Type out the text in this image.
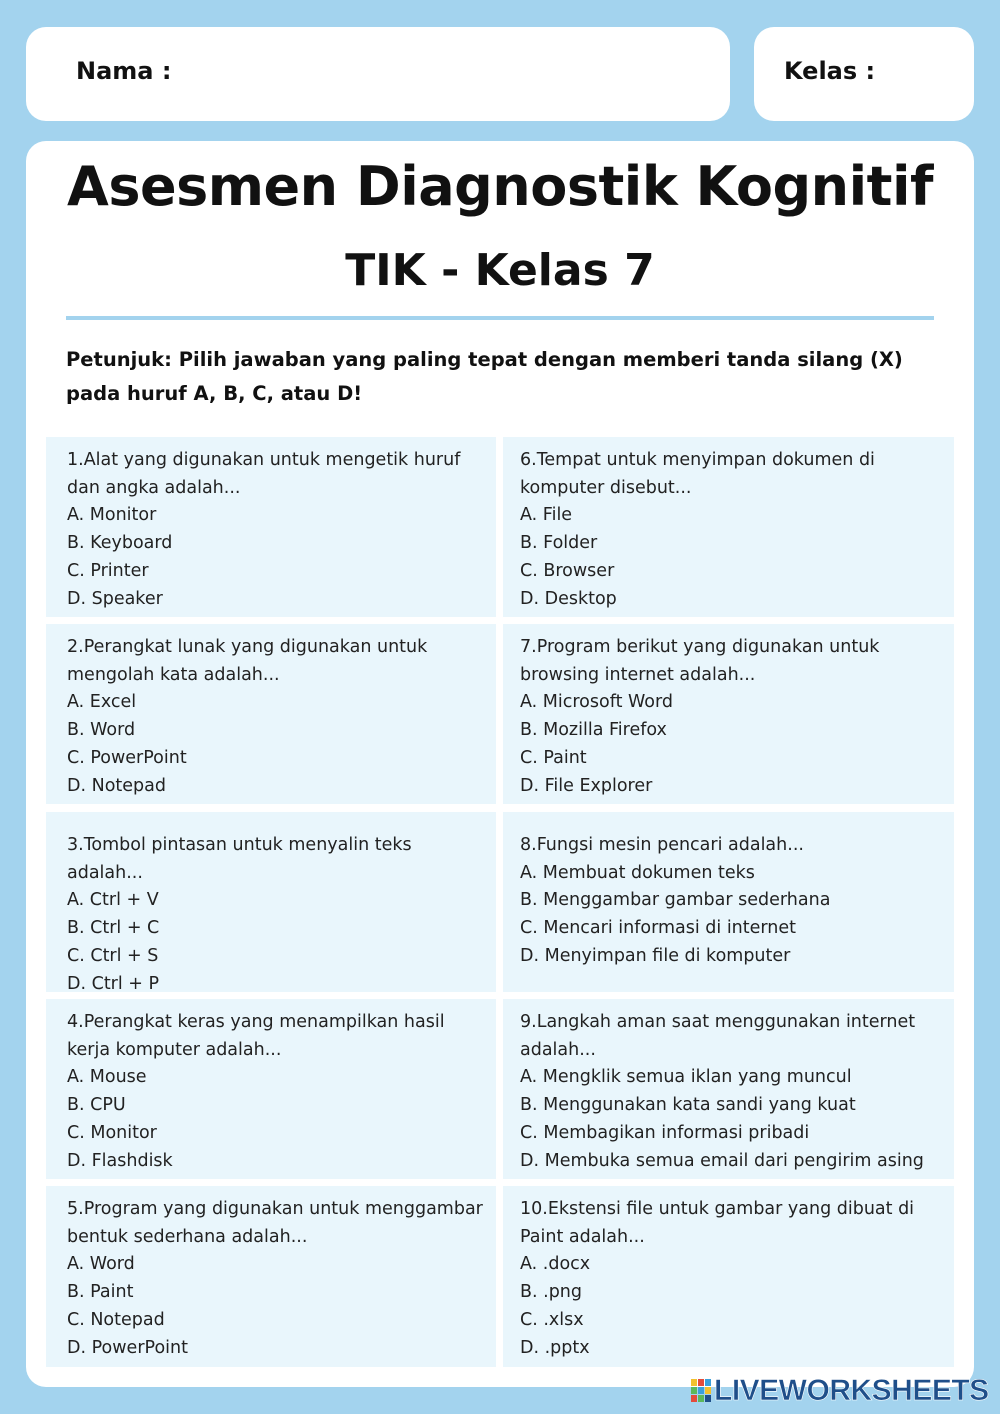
Nama :	Kelas :
Asesmen Diagnostik Kognitif
TIK - Kelas 7
Petunjuk: Pilih jawaban yang paling tepat dengan memberi tanda silang (X) pada huruf A, B, C, atau D!
1.Alat yang digunakan untuk mengetik huruf dan angka adalah...
A. Monitor
B. Keyboard
C. Printer
D. Speaker
2.Perangkat lunak yang digunakan untuk mengolah kata adalah...
A. Excel
B. Word
C. PowerPoint
D. Notepad
3.Tombol pintasan untuk menyalin teks adalah...
A. Ctrl + V
B. Ctrl + C
C. Ctrl + S
D. Ctrl + P
4.Perangkat keras yang menampilkan hasil kerja komputer adalah...
A. Mouse
B. CPU
C. Monitor
D. Flashdisk
5.Program yang digunakan untuk menggambar bentuk sederhana adalah...
A. Word
B. Paint
C. Notepad
D. PowerPoint
6.Tempat untuk menyimpan dokumen di komputer disebut...
A. File
B. Folder
C. Browser
D. Desktop
7.Program berikut yang digunakan untuk browsing internet adalah...
A. Microsoft Word
B. Mozilla Firefox
C. Paint
D. File Explorer
8.Fungsi mesin pencari adalah...
A. Membuat dokumen teks
B. Menggambar gambar sederhana
C. Mencari informasi di internet
D. Menyimpan file di komputer
9.Langkah aman saat menggunakan internet adalah...
A. Mengklik semua iklan yang muncul
B. Menggunakan kata sandi yang kuat
C. Membagikan informasi pribadi
D. Membuka semua email dari pengirim asing
10.Ekstensi file untuk gambar yang dibuat di Paint adalah...
A. .docx
B. .png
C. .xlsx
D. .pptx
LIVEWORKSHEETS
